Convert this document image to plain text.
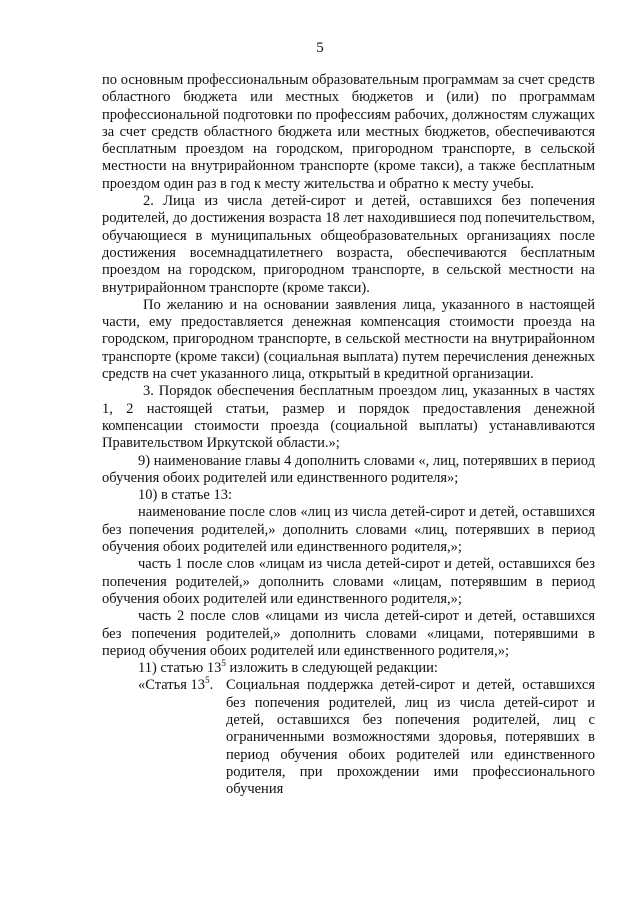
5

по основным профессиональным образовательным программам за счет средств областного бюджета или местных бюджетов и (или) по программам профессиональной подготовки по профессиям рабочих, должностям служащих за счет средств областного бюджета или местных бюджетов, обеспечиваются бесплатным проездом на городском, пригородном транспорте, в сельской местности на внутрирайонном транспорте (кроме такси), а также бесплатным проездом один раз в год к месту жительства и обратно к месту учебы.

2. Лица из числа детей-сирот и детей, оставшихся без попечения родителей, до достижения возраста 18 лет находившиеся под попечительством, обучающиеся в муниципальных общеобразовательных организациях после достижения восемнадцатилетнего возраста, обеспечиваются бесплатным проездом на городском, пригородном транспорте, в сельской местности на внутрирайонном транспорте (кроме такси).

По желанию и на основании заявления лица, указанного в настоящей части, ему предоставляется денежная компенсация стоимости проезда на городском, пригородном транспорте, в сельской местности на внутрирайонном транспорте (кроме такси) (социальная выплата) путем перечисления денежных средств на счет указанного лица, открытый в кредитной организации.

3. Порядок обеспечения бесплатным проездом лиц, указанных в частях 1, 2 настоящей статьи, размер и порядок предоставления денежной компенсации стоимости проезда (социальной выплаты) устанавливаются Правительством Иркутской области.»;

9) наименование главы 4 дополнить словами «, лиц, потерявших в период обучения обоих родителей или единственного родителя»;

10) в статье 13:

наименование после слов «лиц из числа детей-сирот и детей, оставшихся без попечения родителей,» дополнить словами «лиц, потерявших в период обучения обоих родителей или единственного родителя,»;

часть 1 после слов «лицам из числа детей-сирот и детей, оставшихся без попечения родителей,» дополнить словами «лицам, потерявшим в период обучения обоих родителей или единственного родителя,»;

часть 2 после слов «лицами из числа детей-сирот и детей, оставшихся без попечения родителей,» дополнить словами «лицами, потерявшими в период обучения обоих родителей или единственного родителя,»;

11) статью $13^5$ изложить в следующей редакции:

«Статья $13^5$. Социальная поддержка детей-сирот и детей, оставшихся без попечения родителей, лиц из числа детей-сирот и детей, оставшихся без попечения родителей, лиц с ограниченными возможностями здоровья, потерявших в период обучения обоих родителей или единственного родителя, при прохождении ими профессионального обучения
